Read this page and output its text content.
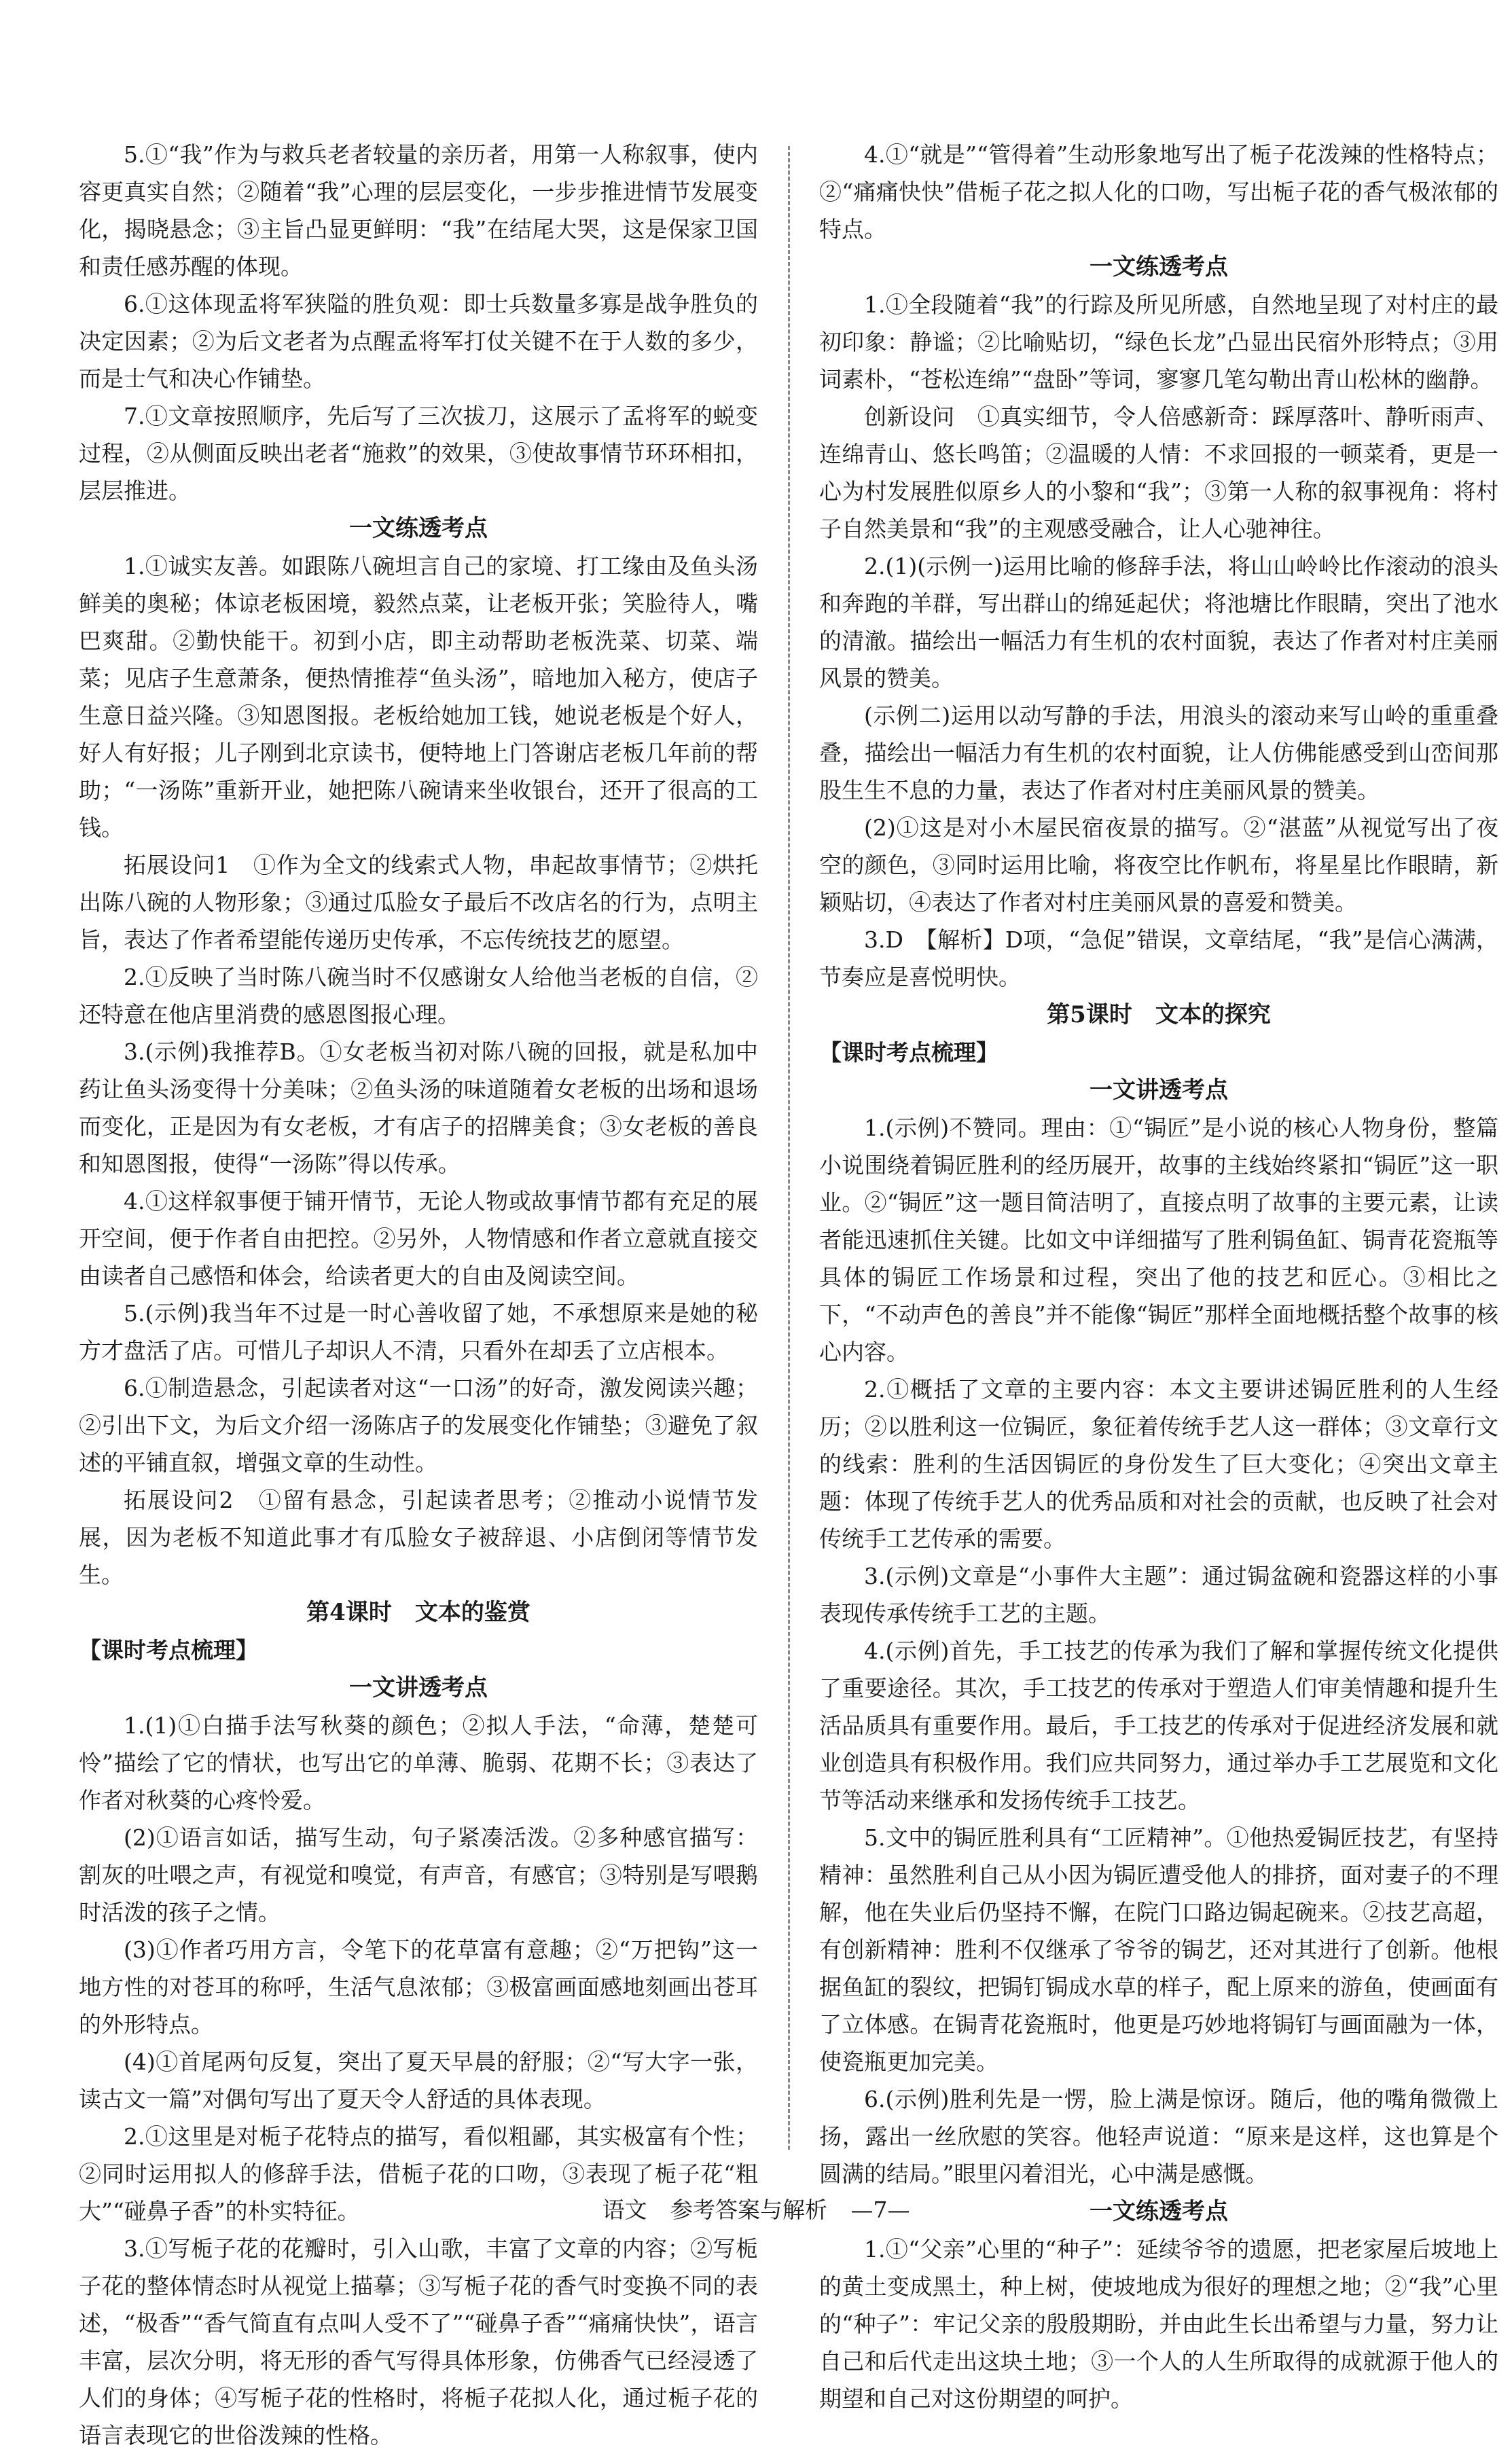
5.①“我”作为与救兵老者较量的亲历者，用第一人称叙事，使内容更真实自然；②随着“我”心理的层层变化，一步步推进情节发展变化，揭晓悬念；③主旨凸显更鲜明：“我”在结尾大哭，这是保家卫国和责任感苏醒的体现。
6.①这体现孟将军狭隘的胜负观：即士兵数量多寡是战争胜负的决定因素；②为后文老者为点醒孟将军打仗关键不在于人数的多少，而是士气和决心作铺垫。
7.①文章按照顺序，先后写了三次拔刀，这展示了孟将军的蜕变过程，②从侧面反映出老者“施救”的效果，③使故事情节环环相扣，层层推进。
一文练透考点
1.①诚实友善。如跟陈八碗坦言自己的家境、打工缘由及鱼头汤鲜美的奥秘；体谅老板困境，毅然点菜，让老板开张；笑脸待人，嘴巴爽甜。②勤快能干。初到小店，即主动帮助老板洗菜、切菜、端菜；见店子生意萧条，便热情推荐“鱼头汤”，暗地加入秘方，使店子生意日益兴隆。③知恩图报。老板给她加工钱，她说老板是个好人，好人有好报；儿子刚到北京读书，便特地上门答谢店老板几年前的帮助；“一汤陈”重新开业，她把陈八碗请来坐收银台，还开了很高的工钱。
拓展设问1　①作为全文的线索式人物，串起故事情节；②烘托出陈八碗的人物形象；③通过瓜脸女子最后不改店名的行为，点明主旨，表达了作者希望能传递历史传承，不忘传统技艺的愿望。
2.①反映了当时陈八碗当时不仅感谢女人给他当老板的自信，②还特意在他店里消费的感恩图报心理。
3.(示例)我推荐B。①女老板当初对陈八碗的回报，就是私加中药让鱼头汤变得十分美味；②鱼头汤的味道随着女老板的出场和退场而变化，正是因为有女老板，才有店子的招牌美食；③女老板的善良和知恩图报，使得“一汤陈”得以传承。
4.①这样叙事便于铺开情节，无论人物或故事情节都有充足的展开空间，便于作者自由把控。②另外，人物情感和作者立意就直接交由读者自己感悟和体会，给读者更大的自由及阅读空间。
5.(示例)我当年不过是一时心善收留了她，不承想原来是她的秘方才盘活了店。可惜儿子却识人不清，只看外在却丢了立店根本。
6.①制造悬念，引起读者对这“一口汤”的好奇，激发阅读兴趣；②引出下文，为后文介绍一汤陈店子的发展变化作铺垫；③避免了叙述的平铺直叙，增强文章的生动性。
拓展设问2　①留有悬念，引起读者思考；②推动小说情节发展，因为老板不知道此事才有瓜脸女子被辞退、小店倒闭等情节发生。
第4课时　文本的鉴赏
【课时考点梳理】
一文讲透考点
1.(1)①白描手法写秋葵的颜色；②拟人手法，“命薄，楚楚可怜”描绘了它的情状，也写出它的单薄、脆弱、花期不长；③表达了作者对秋葵的心疼怜爱。
(2)①语言如话，描写生动，句子紧凑活泼。②多种感官描写：割灰的吐喂之声，有视觉和嗅觉，有声音，有感官；③特别是写喂鹅时活泼的孩子之情。
(3)①作者巧用方言，令笔下的花草富有意趣；②“万把钩”这一地方性的对苍耳的称呼，生活气息浓郁；③极富画面感地刻画出苍耳的外形特点。
(4)①首尾两句反复，突出了夏天早晨的舒服；②“写大字一张，读古文一篇”对偶句写出了夏天令人舒适的具体表现。
2.①这里是对栀子花特点的描写，看似粗鄙，其实极富有个性；②同时运用拟人的修辞手法，借栀子花的口吻，③表现了栀子花“粗大”“碰鼻子香”的朴实特征。
3.①写栀子花的花瓣时，引入山歌，丰富了文章的内容；②写栀子花的整体情态时从视觉上描摹；③写栀子花的香气时变换不同的表述，“极香”“香气简直有点叫人受不了”“碰鼻子香”“痛痛快快”，语言丰富，层次分明，将无形的香气写得具体形象，仿佛香气已经浸透了人们的身体；④写栀子花的性格时，将栀子花拟人化，通过栀子花的语言表现它的世俗泼辣的性格。
4.①“就是”“管得着”生动形象地写出了栀子花泼辣的性格特点；②“痛痛快快”借栀子花之拟人化的口吻，写出栀子花的香气极浓郁的特点。
一文练透考点
1.①全段随着“我”的行踪及所见所感，自然地呈现了对村庄的最初印象：静谧；②比喻贴切，“绿色长龙”凸显出民宿外形特点；③用词素朴，“苍松连绵”“盘卧”等词，寥寥几笔勾勒出青山松林的幽静。
创新设问　①真实细节，令人倍感新奇：踩厚落叶、静听雨声、连绵青山、悠长鸣笛；②温暖的人情：不求回报的一顿菜肴，更是一心为村发展胜似原乡人的小黎和“我”；③第一人称的叙事视角：将村子自然美景和“我”的主观感受融合，让人心驰神往。
2.(1)(示例一)运用比喻的修辞手法，将山山岭岭比作滚动的浪头和奔跑的羊群，写出群山的绵延起伏；将池塘比作眼睛，突出了池水的清澈。描绘出一幅活力有生机的农村面貌，表达了作者对村庄美丽风景的赞美。
(示例二)运用以动写静的手法，用浪头的滚动来写山岭的重重叠叠，描绘出一幅活力有生机的农村面貌，让人仿佛能感受到山峦间那股生生不息的力量，表达了作者对村庄美丽风景的赞美。
(2)①这是对小木屋民宿夜景的描写。②“湛蓝”从视觉写出了夜空的颜色，③同时运用比喻，将夜空比作帆布，将星星比作眼睛，新颖贴切，④表达了作者对村庄美丽风景的喜爱和赞美。
3.D　【解析】D项，“急促”错误，文章结尾，“我”是信心满满，节奏应是喜悦明快。
第5课时　文本的探究
【课时考点梳理】
一文讲透考点
1.(示例)不赞同。理由：①“锔匠”是小说的核心人物身份，整篇小说围绕着锔匠胜利的经历展开，故事的主线始终紧扣“锔匠”这一职业。②“锔匠”这一题目简洁明了，直接点明了故事的主要元素，让读者能迅速抓住关键。比如文中详细描写了胜利锔鱼缸、锔青花瓷瓶等具体的锔匠工作场景和过程，突出了他的技艺和匠心。③相比之下，“不动声色的善良”并不能像“锔匠”那样全面地概括整个故事的核心内容。
2.①概括了文章的主要内容：本文主要讲述锔匠胜利的人生经历；②以胜利这一位锔匠，象征着传统手艺人这一群体；③文章行文的线索：胜利的生活因锔匠的身份发生了巨大变化；④突出文章主题：体现了传统手艺人的优秀品质和对社会的贡献，也反映了社会对传统手工艺传承的需要。
3.(示例)文章是“小事件大主题”：通过锔盆碗和瓷器这样的小事表现传承传统手工艺的主题。
4.(示例)首先，手工技艺的传承为我们了解和掌握传统文化提供了重要途径。其次，手工技艺的传承对于塑造人们审美情趣和提升生活品质具有重要作用。最后，手工技艺的传承对于促进经济发展和就业创造具有积极作用。我们应共同努力，通过举办手工艺展览和文化节等活动来继承和发扬传统手工技艺。
5.文中的锔匠胜利具有“工匠精神”。①他热爱锔匠技艺，有坚持精神：虽然胜利自己从小因为锔匠遭受他人的排挤，面对妻子的不理解，他在失业后仍坚持不懈，在院门口路边锔起碗来。②技艺高超，有创新精神：胜利不仅继承了爷爷的锔艺，还对其进行了创新。他根据鱼缸的裂纹，把锔钉锔成水草的样子，配上原来的游鱼，使画面有了立体感。在锔青花瓷瓶时，他更是巧妙地将锔钉与画面融为一体，使瓷瓶更加完美。
6.(示例)胜利先是一愣，脸上满是惊讶。随后，他的嘴角微微上扬，露出一丝欣慰的笑容。他轻声说道：“原来是这样，这也算是个圆满的结局。”眼里闪着泪光，心中满是感慨。
一文练透考点
1.①“父亲”心里的“种子”：延续爷爷的遗愿，把老家屋后坡地上的黄土变成黑土，种上树，使坡地成为很好的理想之地；②“我”心里的“种子”：牢记父亲的殷殷期盼，并由此生长出希望与力量，努力让自己和后代走出这块土地；③一个人的人生所取得的成就源于他人的期望和自己对这份期望的呵护。
语文 参考答案与解析 —7—
